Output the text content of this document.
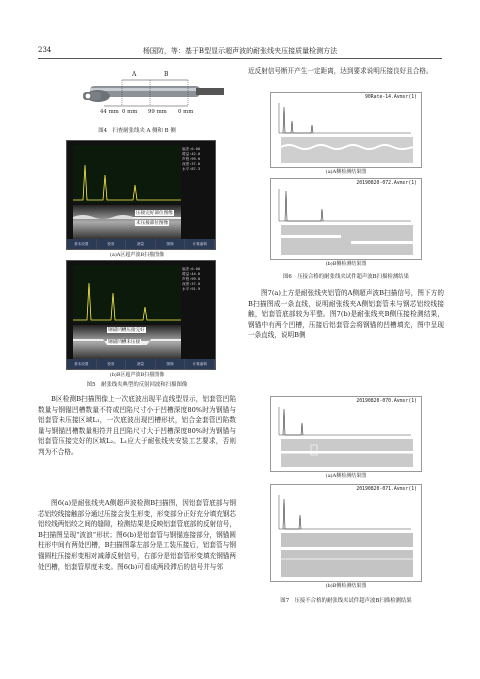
234	杨国防，等：基于B型显示超声波的耐张线夹压接质量检测方法
A	B
44 mm 0 mm 99 mm 0 mm
图4　扫查耐张线夹 A 侧和 B 侧
偏差:0.00
增益:42.0
声程:99.0
深度:37.0
水平:87.3
压接完好部位图像
未压接部位图像
基本设置	校准	测量	图像	计算编辑
(a)A区超声波B扫描图像
偏差:0.00
增益:44.0
声程:99.0
深度:37.0
水平:91.9
钢锚凹槽压接完好
钢锚凹槽未压接
基本设置	校准	测量	图像	计算编辑
(b)B区超声波B扫描图像
图5　耐张线夹典型的反射回波和扫描图像

B区检测B扫描图像上一次底波出现平直线型显示，铝套管凹陷数量与钢锚凹槽数量不符或凹陷尺寸小于凹槽深度80%时为钢锚与铝套管未压接区域L₁，一次底波出现凹槽形状，铝合金套管凹陷数量与钢锚凹槽数量相符并且凹陷尺寸大于凹槽深度80%时为钢锚与铝套管压接完好的区域L₂。L₁应大于耐张线夹安装工艺要求，否则判为不合格。

图6(a)是耐张线夹A侧超声波检测B扫描图，因铝套管底部与钢芯铝绞线接触部分通过压接会发生形变，形变部分正好充分填充钢芯铝绞线两铝绞之间的缝隙，检测结果是反映铝套管底部的反射信号，B扫描图呈现“波浪”形状；图6(b)是铝套管与钢锚连接部分，钢锚圆柱形中间有两处凹槽，B扫描图靠左部分是工装压接后，铝套管与钢锚圆柱压接形变相对减薄反射信号，右部分是铝套管形变填充钢锚两处凹槽，铝套管厚度未变。图6(b)可看成两段滞后的信号并与邻

近反射信号断开产生一定距离，达到要求说明压接良好且合格。

90Rate-14.Avmsr(1)
(a)A侧检测结果图
20190820-072.Avmsr(1)
(b)B侧检测结果图
图6　压接合格的耐张线夹试件超声波B扫描检测结果

图7(a)上方是耐张线夹铝管的A侧超声波B扫描信号，图下方的B扫描图成一条直线，说明耐张线夹A侧铝套管未与钢芯铝绞线接触，铝套管底部较为平整。图7(b)是耐张线夹B侧压接检测结果，钢锚中有两个凹槽，压接后铝套管会将钢锚的凹槽填充，图中呈现一条直线，说明B侧

20190820-070.Avmsr(1)
(a)A侧检测结果图
20190820-071.Avmsr(1)
(b)B侧检测结果图
图7　压接不合格的耐张线夹试件超声波B扫描检测结果
